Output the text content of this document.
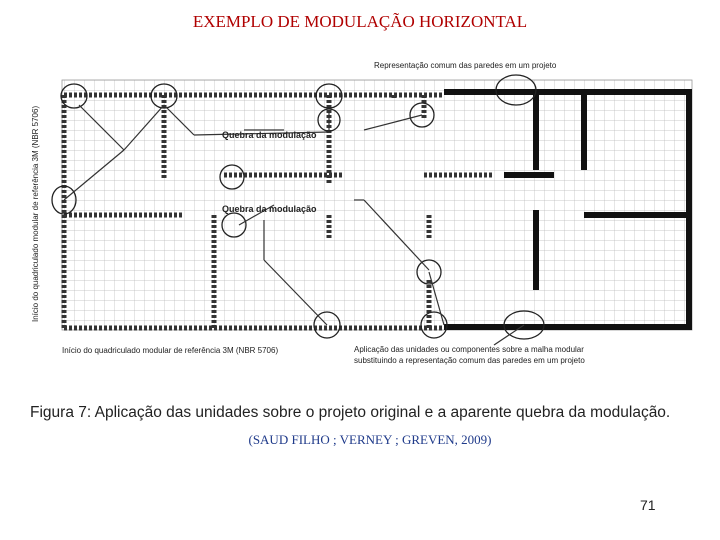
EXEMPLO DE MODULAÇÃO HORIZONTAL
Representação comum das paredes em um projeto
Quebra da modulação
Quebra da modulação
Início do quadriculado modular de referência 3M (NBR 5706)
Início do quadriculado modular de referência 3M (NBR 5706)	Aplicação das unidades ou componentes sobre a malha modular
substituindo a representação comum das paredes em um projeto
Figura 7: Aplicação das unidades sobre o projeto original e a aparente quebra da modulação.
(SAUD FILHO ; VERNEY ; GREVEN, 2009)
71
